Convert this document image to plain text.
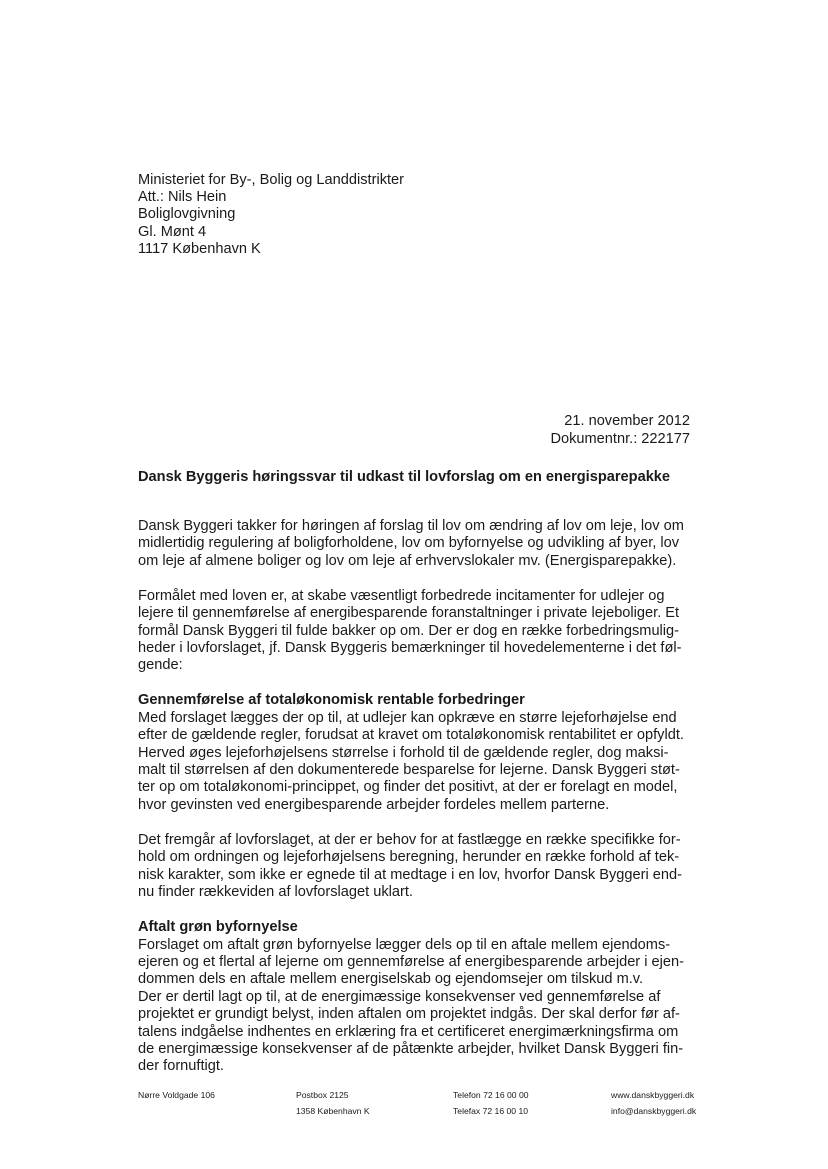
Ministeriet for By-, Bolig og Landdistrikter
Att.: Nils Hein
Boliglovgivning
Gl. Mønt 4
1117 København K
21. november 2012
Dokumentnr.: 222177
Dansk Byggeris høringssvar til udkast til lovforslag om en energisparepakke
Dansk Byggeri takker for høringen af forslag til lov om ændring af lov om leje, lov om
midlertidig regulering af boligforholdene, lov om byfornyelse og udvikling af byer, lov
om leje af almene boliger og lov om leje af erhvervslokaler mv. (Energisparepakke).
Formålet med loven er, at skabe væsentligt forbedrede incitamenter for udlejer og
lejere til gennemførelse af energibesparende foranstaltninger i private lejeboliger. Et
formål Dansk Byggeri til fulde bakker op om. Der er dog en række forbedringsmulig-
heder i lovforslaget, jf. Dansk Byggeris bemærkninger til hovedelementerne i det føl-
gende:
Gennemførelse af totaløkonomisk rentable forbedringer
Med forslaget lægges der op til, at udlejer kan opkræve en større lejeforhøjelse end
efter de gældende regler, forudsat at kravet om totaløkonomisk rentabilitet er opfyldt.
Herved øges lejeforhøjelsens størrelse i forhold til de gældende regler, dog maksi-
malt til størrelsen af den dokumenterede besparelse for lejerne. Dansk Byggeri støt-
ter op om totaløkonomi-princippet, og finder det positivt, at der er forelagt en model,
hvor gevinsten ved energibesparende arbejder fordeles mellem parterne.
Det fremgår af lovforslaget, at der er behov for at fastlægge en række specifikke for-
hold om ordningen og lejeforhøjelsens beregning, herunder en række forhold af tek-
nisk karakter, som ikke er egnede til at medtage i en lov, hvorfor Dansk Byggeri end-
nu finder rækkeviden af lovforslaget uklart.
Aftalt grøn byfornyelse
Forslaget om aftalt grøn byfornyelse lægger dels op til en aftale mellem ejendoms-
ejeren og et flertal af lejerne om gennemførelse af energibesparende arbejder i ejen-
dommen dels en aftale mellem energiselskab og ejendomsejer om tilskud m.v.
Der er dertil lagt op til, at de energimæssige konsekvenser ved gennemførelse af
projektet er grundigt belyst, inden aftalen om projektet indgås. Der skal derfor før af-
talens indgåelse indhentes en erklæring fra et certificeret energimærkningsfirma om
de energimæssige konsekvenser af de påtænkte arbejder, hvilket Dansk Byggeri fin-
der fornuftigt.
Nørre Voldgade 106	Postbox 2125
1358 København K
Telefon 72 16 00 00
Telefax 72 16 00 10
www.danskbyggeri.dk
info@danskbyggeri.dk
